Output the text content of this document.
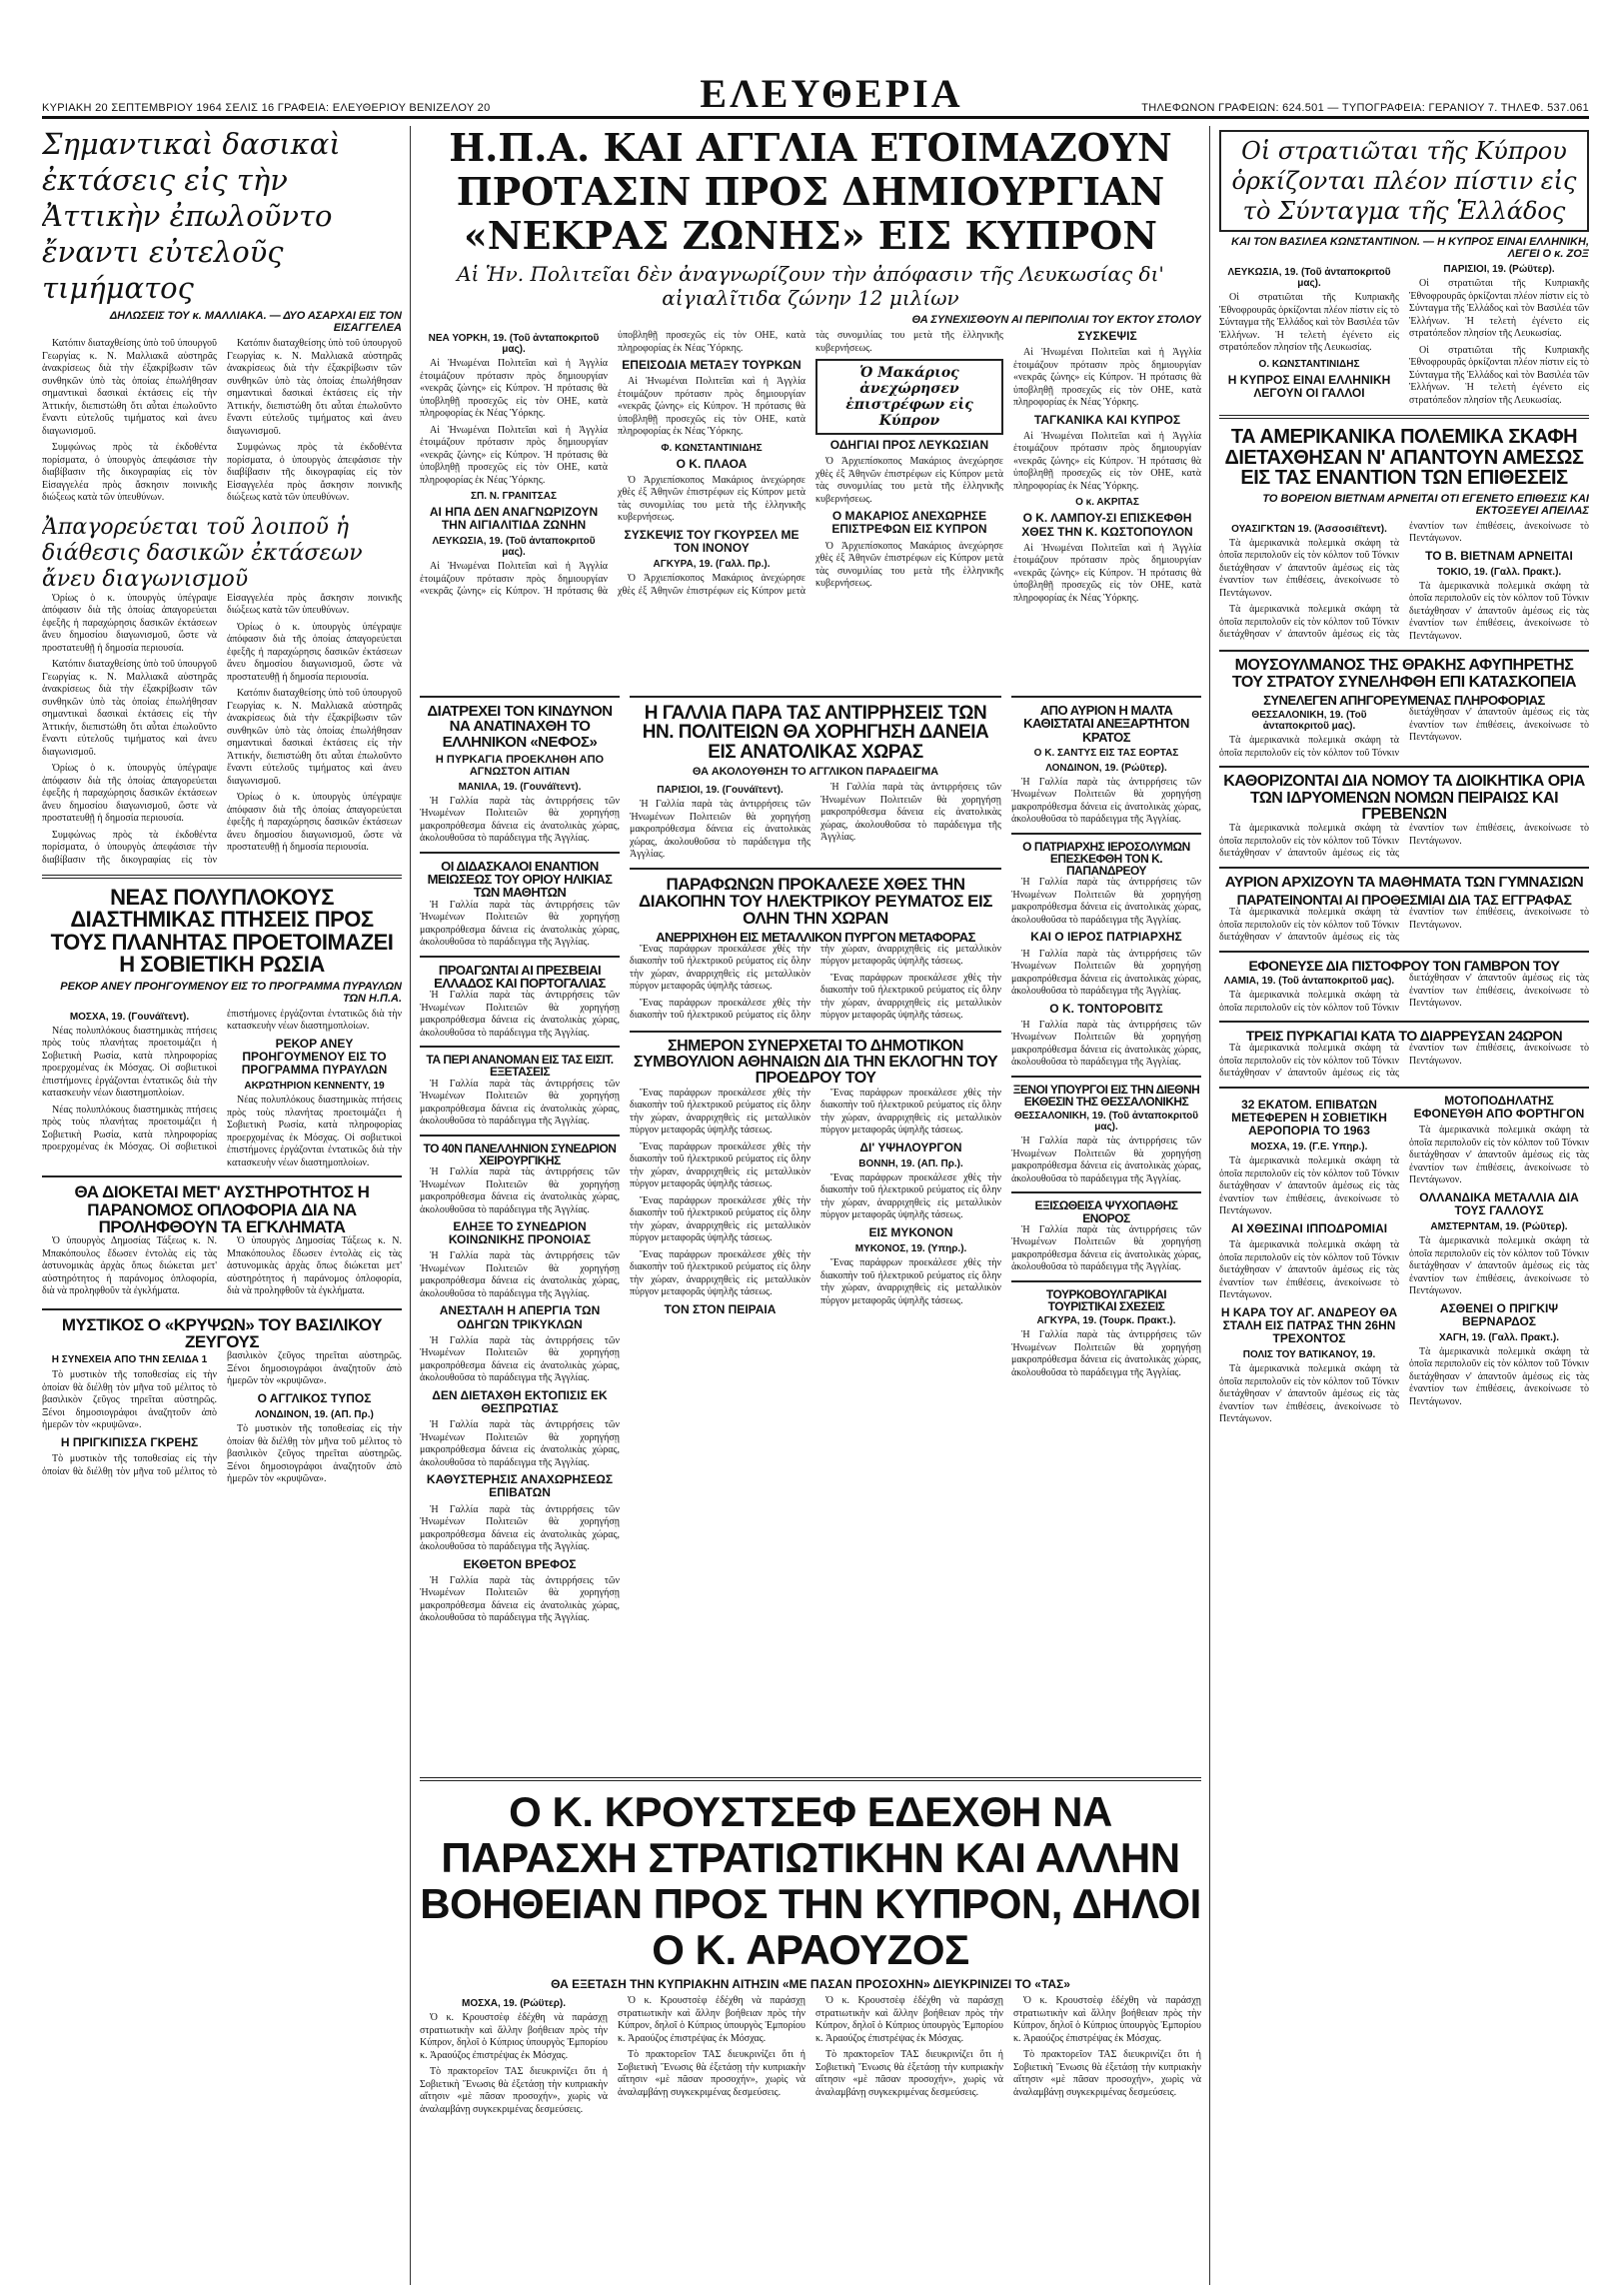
ΚΥΡΙΑΚΗ 20 ΣΕΠΤΕΜΒΡΙΟΥ 1964 ΣΕΛΙΣ 16 ΓΡΑΦΕΙΑ: ΕΛΕΥΘΕΡΙΟΥ ΒΕΝΙΖΕΛΟΥ 20	ΕΛΕΥΘΕΡΙΑ	ΤΗΛΕΦΩΝΟΝ ΓΡΑΦΕΙΩΝ: 624.501 — ΤΥΠΟΓΡΑΦΕΙΑ: ΓΕΡΑΝΙΟΥ 7. ΤΗΛΕΦ. 537.061
Σημαντικαὶ δασικαὶ ἐκτάσεις εἰς τὴν Ἀττικὴν ἐπωλοῦντο ἔναντι εὐτελοῦς τιμήματος
ΔΗΛΩΣΕΙΣ ΤΟΥ κ. ΜΑΛΛΙΑΚΑ. — ΔΥΟ ΑΣΑΡΧΑΙ ΕΙΣ ΤΟΝ ΕΙΣΑΓΓΕΛΕΑ

Κατόπιν διαταχθείσης ὑπὸ τοῦ ὑπουργοῦ Γεωργίας κ. Ν. Μαλλιακᾶ αὐστηρᾶς ἀνακρίσεως διὰ τὴν ἐξακρίβωσιν τῶν συνθηκῶν ὑπὸ τὰς ὁποίας ἐπωλήθησαν σημαντικαὶ δασικαὶ ἐκτάσεις εἰς τὴν Ἀττικήν, διεπιστώθη ὅτι αὗται ἐπωλοῦντο ἔναντι εὐτελοῦς τιμήματος καὶ ἀνευ διαγωνισμοῦ.

Συμφώνως πρὸς τὰ ἐκδοθέντα πορίσματα, ὁ ὑπουργὸς ἀπεφάσισε τὴν διαβίβασιν τῆς δικογραφίας εἰς τὸν Εἰσαγγελέα πρὸς ἄσκησιν ποινικῆς διώξεως κατὰ τῶν ὑπευθύνων.

Κατόπιν διαταχθείσης ὑπὸ τοῦ ὑπουργοῦ Γεωργίας κ. Ν. Μαλλιακᾶ αὐστηρᾶς ἀνακρίσεως διὰ τὴν ἐξακρίβωσιν τῶν συνθηκῶν ὑπὸ τὰς ὁποίας ἐπωλήθησαν σημαντικαὶ δασικαὶ ἐκτάσεις εἰς τὴν Ἀττικήν, διεπιστώθη ὅτι αὗται ἐπωλοῦντο ἔναντι εὐτελοῦς τιμήματος καὶ ἀνευ διαγωνισμοῦ.

Συμφώνως πρὸς τὰ ἐκδοθέντα πορίσματα, ὁ ὑπουργὸς ἀπεφάσισε τὴν διαβίβασιν τῆς δικογραφίας εἰς τὸν Εἰσαγγελέα πρὸς ἄσκησιν ποινικῆς διώξεως κατὰ τῶν ὑπευθύνων.

Ἀπαγορεύεται τοῦ λοιποῦ ἡ διάθεσις δασικῶν ἐκτάσεων ἄνευ διαγωνισμοῦ

Ὁρίως ὁ κ. ὑπουργὸς ὑπέγραψε ἀπόφασιν διὰ τῆς ὁποίας ἀπαγορεύεται ἐφεξῆς ἡ παραχώρησις δασικῶν ἐκτάσεων ἄνευ δημοσίου διαγωνισμοῦ, ὥστε νὰ προστατευθῇ ἡ δημοσία περιουσία.

Κατόπιν διαταχθείσης ὑπὸ τοῦ ὑπουργοῦ Γεωργίας κ. Ν. Μαλλιακᾶ αὐστηρᾶς ἀνακρίσεως διὰ τὴν ἐξακρίβωσιν τῶν συνθηκῶν ὑπὸ τὰς ὁποίας ἐπωλήθησαν σημαντικαὶ δασικαὶ ἐκτάσεις εἰς τὴν Ἀττικήν, διεπιστώθη ὅτι αὗται ἐπωλοῦντο ἔναντι εὐτελοῦς τιμήματος καὶ ἀνευ διαγωνισμοῦ.

Ὁρίως ὁ κ. ὑπουργὸς ὑπέγραψε ἀπόφασιν διὰ τῆς ὁποίας ἀπαγορεύεται ἐφεξῆς ἡ παραχώρησις δασικῶν ἐκτάσεων ἄνευ δημοσίου διαγωνισμοῦ, ὥστε νὰ προστατευθῇ ἡ δημοσία περιουσία.

Συμφώνως πρὸς τὰ ἐκδοθέντα πορίσματα, ὁ ὑπουργὸς ἀπεφάσισε τὴν διαβίβασιν τῆς δικογραφίας εἰς τὸν Εἰσαγγελέα πρὸς ἄσκησιν ποινικῆς διώξεως κατὰ τῶν ὑπευθύνων.

Ὁρίως ὁ κ. ὑπουργὸς ὑπέγραψε ἀπόφασιν διὰ τῆς ὁποίας ἀπαγορεύεται ἐφεξῆς ἡ παραχώρησις δασικῶν ἐκτάσεων ἄνευ δημοσίου διαγωνισμοῦ, ὥστε νὰ προστατευθῇ ἡ δημοσία περιουσία.

Κατόπιν διαταχθείσης ὑπὸ τοῦ ὑπουργοῦ Γεωργίας κ. Ν. Μαλλιακᾶ αὐστηρᾶς ἀνακρίσεως διὰ τὴν ἐξακρίβωσιν τῶν συνθηκῶν ὑπὸ τὰς ὁποίας ἐπωλήθησαν σημαντικαὶ δασικαὶ ἐκτάσεις εἰς τὴν Ἀττικήν, διεπιστώθη ὅτι αὗται ἐπωλοῦντο ἔναντι εὐτελοῦς τιμήματος καὶ ἀνευ διαγωνισμοῦ.

Ὁρίως ὁ κ. ὑπουργὸς ὑπέγραψε ἀπόφασιν διὰ τῆς ὁποίας ἀπαγορεύεται ἐφεξῆς ἡ παραχώρησις δασικῶν ἐκτάσεων ἄνευ δημοσίου διαγωνισμοῦ, ὥστε νὰ προστατευθῇ ἡ δημοσία περιουσία.

ΝΕΑΣ ΠΟΛΥΠΛΟΚΟΥΣ ΔΙΑΣΤΗΜΙΚΑΣ ΠΤΗΣΕΙΣ ΠΡΟΣ ΤΟΥΣ ΠΛΑΝΗΤΑΣ ΠΡΟΕΤΟΙΜΑΖΕΙ Η ΣΟΒΙΕΤΙΚΗ ΡΩΣΙΑ
ΡΕΚΟΡ ΑΝΕΥ ΠΡΟΗΓΟΥΜΕΝΟΥ ΕΙΣ ΤΟ ΠΡΟΓΡΑΜΜΑ ΠΥΡΑΥΛΩΝ ΤΩΝ Η.Π.Α.
ΜΟΣΧΑ, 19. (Γουνάϊτεντ).

Νέας πολυπλόκους διαστημικὰς πτήσεις πρὸς τοὺς πλανήτας προετοιμάζει ἡ Σοβιετικὴ Ρωσία, κατὰ πληροφορίας προερχομένας ἐκ Μόσχας. Οἱ σοβιετικοὶ ἐπιστήμονες ἐργάζονται ἐντατικῶς διὰ τὴν κατασκευὴν νέων διαστημοπλοίων.

Νέας πολυπλόκους διαστημικὰς πτήσεις πρὸς τοὺς πλανήτας προετοιμάζει ἡ Σοβιετικὴ Ρωσία, κατὰ πληροφορίας προερχομένας ἐκ Μόσχας. Οἱ σοβιετικοὶ ἐπιστήμονες ἐργάζονται ἐντατικῶς διὰ τὴν κατασκευὴν νέων διαστημοπλοίων.

ΡΕΚΟΡ ΑΝΕΥ ΠΡΟΗΓΟΥΜΕΝΟΥ ΕΙΣ ΤΟ ΠΡΟΓΡΑΜΜΑ ΠΥΡΑΥΛΩΝ
ΑΚΡΩΤΗΡΙΟΝ ΚΕΝΝΕΝΤΥ, 19

Νέας πολυπλόκους διαστημικὰς πτήσεις πρὸς τοὺς πλανήτας προετοιμάζει ἡ Σοβιετικὴ Ρωσία, κατὰ πληροφορίας προερχομένας ἐκ Μόσχας. Οἱ σοβιετικοὶ ἐπιστήμονες ἐργάζονται ἐντατικῶς διὰ τὴν κατασκευὴν νέων διαστημοπλοίων.

ΘΑ ΔΙΟΚΕΤΑΙ ΜΕΤ' ΑΥΣΤΗΡΟΤΗΤΟΣ Η ΠΑΡΑΝΟΜΟΣ ΟΠΛΟΦΟΡΙΑ ΔΙΑ ΝΑ ΠΡΟΛΗΦΘΟΥΝ ΤΑ ΕΓΚΛΗΜΑΤΑ

Ὁ ὑπουργὸς Δημοσίας Τάξεως κ. Ν. Μπακόπουλος ἔδωσεν ἐντολὰς εἰς τὰς ἀστυνομικὰς ἀρχὰς ὅπως διώκεται μετ' αὐστηρότητος ἡ παράνομος ὀπλοφορία, διὰ νὰ προληφθοῦν τὰ ἐγκλήματα.

Ὁ ὑπουργὸς Δημοσίας Τάξεως κ. Ν. Μπακόπουλος ἔδωσεν ἐντολὰς εἰς τὰς ἀστυνομικὰς ἀρχὰς ὅπως διώκεται μετ' αὐστηρότητος ἡ παράνομος ὀπλοφορία, διὰ νὰ προληφθοῦν τὰ ἐγκλήματα.

ΜΥΣΤΙΚΟΣ Ο «ΚΡΥΨΩΝ» ΤΟΥ ΒΑΣΙΛΙΚΟΥ ΖΕΥΓΟΥΣ
Η ΣΥΝΕΧΕΙΑ ΑΠΟ ΤΗΝ ΣΕΛΙΔΑ 1

Τὸ μυστικὸν τῆς τοποθεσίας εἰς τὴν ὁποίαν θὰ διέλθῃ τὸν μῆνα τοῦ μέλιτος τὸ βασιλικὸν ζεῦγος τηρεῖται αὐστηρῶς. Ξένοι δημοσιογράφοι ἀναζητοῦν ἀπὸ ἡμερῶν τὸν «κρυψῶνα».

Η ΠΡΙΓΚΙΠΙΣΣΑ ΓΚΡΕΗΣ

Τὸ μυστικὸν τῆς τοποθεσίας εἰς τὴν ὁποίαν θὰ διέλθῃ τὸν μῆνα τοῦ μέλιτος τὸ βασιλικὸν ζεῦγος τηρεῖται αὐστηρῶς. Ξένοι δημοσιογράφοι ἀναζητοῦν ἀπὸ ἡμερῶν τὸν «κρυψῶνα».

Ο ΑΓΓΛΙΚΟΣ ΤΥΠΟΣ
ΛΟΝΔΙΝΟΝ, 19. (ΑΠ. Πρ.)

Τὸ μυστικὸν τῆς τοποθεσίας εἰς τὴν ὁποίαν θὰ διέλθῃ τὸν μῆνα τοῦ μέλιτος τὸ βασιλικὸν ζεῦγος τηρεῖται αὐστηρῶς. Ξένοι δημοσιογράφοι ἀναζητοῦν ἀπὸ ἡμερῶν τὸν «κρυψῶνα».

Η.Π.Α. ΚΑΙ ΑΓΓΛΙΑ ΕΤΟΙΜΑΖΟΥΝ ΠΡΟΤΑΣΙΝ ΠΡΟΣ ΔΗΜΙΟΥΡΓΙΑΝ «ΝΕΚΡΑΣ ΖΩΝΗΣ» ΕΙΣ ΚΥΠΡΟΝ
Αἱ Ἡν. Πολιτεῖαι δὲν ἀναγνωρίζουν τὴν ἀπόφασιν τῆς Λευκωσίας δι' αἰγιαλῖτιδα ζώνην 12 μιλίων
ΘΑ ΣΥΝΕΧΙΣΘΟΥΝ ΑΙ ΠΕΡΙΠΟΛΙΑΙ ΤΟΥ ΕΚΤΟΥ ΣΤΟΛΟΥ
ΝΕΑ ΥΟΡΚΗ, 19. (Τοῦ ἀνταποκριτοῦ μας).

Αἱ Ἡνωμέναι Πολιτεῖαι καὶ ἡ Ἀγγλία ἑτοιμάζουν πρότασιν πρὸς δημιουργίαν «νεκρᾶς ζώνης» εἰς Κύπρον. Ἡ πρότασις θὰ ὑποβληθῇ προσεχῶς εἰς τὸν ΟΗΕ, κατὰ πληροφορίας ἐκ Νέας Ὑόρκης.

Αἱ Ἡνωμέναι Πολιτεῖαι καὶ ἡ Ἀγγλία ἑτοιμάζουν πρότασιν πρὸς δημιουργίαν «νεκρᾶς ζώνης» εἰς Κύπρον. Ἡ πρότασις θὰ ὑποβληθῇ προσεχῶς εἰς τὸν ΟΗΕ, κατὰ πληροφορίας ἐκ Νέας Ὑόρκης.

ΣΠ. Ν. ΓΡΑΝΙΤΣΑΣ
ΑΙ ΗΠΑ ΔΕΝ ΑΝΑΓΝΩΡΙΖΟΥΝ ΤΗΝ ΑΙΓΙΑΛΙΤΙΔΑ ΖΩΝΗΝ
ΛΕΥΚΩΣΙΑ, 19. (Τοῦ ἀνταποκριτοῦ μας).

Αἱ Ἡνωμέναι Πολιτεῖαι καὶ ἡ Ἀγγλία ἑτοιμάζουν πρότασιν πρὸς δημιουργίαν «νεκρᾶς ζώνης» εἰς Κύπρον. Ἡ πρότασις θὰ ὑποβληθῇ προσεχῶς εἰς τὸν ΟΗΕ, κατὰ πληροφορίας ἐκ Νέας Ὑόρκης.

ΕΠΕΙΣΟΔΙΑ ΜΕΤΑΞΥ ΤΟΥΡΚΩΝ

Αἱ Ἡνωμέναι Πολιτεῖαι καὶ ἡ Ἀγγλία ἑτοιμάζουν πρότασιν πρὸς δημιουργίαν «νεκρᾶς ζώνης» εἰς Κύπρον. Ἡ πρότασις θὰ ὑποβληθῇ προσεχῶς εἰς τὸν ΟΗΕ, κατὰ πληροφορίας ἐκ Νέας Ὑόρκης.

Φ. ΚΩΝΣΤΑΝΤΙΝΙΔΗΣ
Ο Κ. ΠΛΑΟΑ

Ὁ Ἀρχιεπίσκοπος Μακάριος ἀνεχώρησε χθὲς ἐξ Ἀθηνῶν ἐπιστρέφων εἰς Κύπρον μετὰ τὰς συνομιλίας του μετὰ τῆς ἑλληνικῆς κυβερνήσεως.

ΣΥΣΚΕΨΙΣ ΤΟΥ ΓΚΟΥΡΣΕΛ ΜΕ ΤΟΝ ΙΝΟΝΟΥ
ΑΓΚΥΡΑ, 19. (Γαλλ. Πρ.).

Ὁ Ἀρχιεπίσκοπος Μακάριος ἀνεχώρησε χθὲς ἐξ Ἀθηνῶν ἐπιστρέφων εἰς Κύπρον μετὰ τὰς συνομιλίας του μετὰ τῆς ἑλληνικῆς κυβερνήσεως.

Ὁ Μακάριος ἀνεχώρησεν ἐπιστρέφων εἰς Κύπρον
ΟΔΗΓΙΑΙ ΠΡΟΣ ΛΕΥΚΩΣΙΑΝ

Ὁ Ἀρχιεπίσκοπος Μακάριος ἀνεχώρησε χθὲς ἐξ Ἀθηνῶν ἐπιστρέφων εἰς Κύπρον μετὰ τὰς συνομιλίας του μετὰ τῆς ἑλληνικῆς κυβερνήσεως.

Ο ΜΑΚΑΡΙΟΣ ΑΝΕΧΩΡΗΣΕ ΕΠΙΣΤΡΕΦΩΝ ΕΙΣ ΚΥΠΡΟΝ

Ὁ Ἀρχιεπίσκοπος Μακάριος ἀνεχώρησε χθὲς ἐξ Ἀθηνῶν ἐπιστρέφων εἰς Κύπρον μετὰ τὰς συνομιλίας του μετὰ τῆς ἑλληνικῆς κυβερνήσεως.

ΣΥΣΚΕΨΙΣ

Αἱ Ἡνωμέναι Πολιτεῖαι καὶ ἡ Ἀγγλία ἑτοιμάζουν πρότασιν πρὸς δημιουργίαν «νεκρᾶς ζώνης» εἰς Κύπρον. Ἡ πρότασις θὰ ὑποβληθῇ προσεχῶς εἰς τὸν ΟΗΕ, κατὰ πληροφορίας ἐκ Νέας Ὑόρκης.

ΤΑΓΚΑΝΙΚΑ ΚΑΙ ΚΥΠΡΟΣ

Αἱ Ἡνωμέναι Πολιτεῖαι καὶ ἡ Ἀγγλία ἑτοιμάζουν πρότασιν πρὸς δημιουργίαν «νεκρᾶς ζώνης» εἰς Κύπρον. Ἡ πρότασις θὰ ὑποβληθῇ προσεχῶς εἰς τὸν ΟΗΕ, κατὰ πληροφορίας ἐκ Νέας Ὑόρκης.

Ο κ. ΑΚΡΙΤΑΣ
Ο Κ. ΛΑΜΠΟΥ-ΣΙ ΕΠΙΣΚΕΦΘΗ ΧΘΕΣ ΤΗΝ Κ. ΚΩΣΤΟΠΟΥΛΟΝ

Αἱ Ἡνωμέναι Πολιτεῖαι καὶ ἡ Ἀγγλία ἑτοιμάζουν πρότασιν πρὸς δημιουργίαν «νεκρᾶς ζώνης» εἰς Κύπρον. Ἡ πρότασις θὰ ὑποβληθῇ προσεχῶς εἰς τὸν ΟΗΕ, κατὰ πληροφορίας ἐκ Νέας Ὑόρκης.

ΔΙΑΤΡΕΧΕΙ ΤΟΝ ΚΙΝΔΥΝΟΝ ΝΑ ΑΝΑΤΙΝΑΧΘΗ ΤΟ ΕΛΛΗΝΙΚΟΝ «ΝΕΦΟΣ»
Η ΠΥΡΚΑΓΙΑ ΠΡΟΕΚΛΗΘΗ ΑΠΟ ΑΓΝΩΣΤΟΝ ΑΙΤΙΑΝ
ΜΑΝΙΛΑ, 19. (Γουνάϊτεντ).

Ἡ Γαλλία παρὰ τὰς ἀντιρρήσεις τῶν Ἡνωμένων Πολιτειῶν θὰ χορηγήσῃ μακροπρόθεσμα δάνεια εἰς ἀνατολικὰς χώρας, ἀκολουθοῦσα τὸ παράδειγμα τῆς Ἀγγλίας.

ΟΙ ΔΙΔΑΣΚΑΛΟΙ ΕΝΑΝΤΙΟΝ ΜΕΙΩΣΕΩΣ ΤΟΥ ΟΡΙΟΥ ΗΛΙΚΙΑΣ ΤΩΝ ΜΑΘΗΤΩΝ

Ἡ Γαλλία παρὰ τὰς ἀντιρρήσεις τῶν Ἡνωμένων Πολιτειῶν θὰ χορηγήσῃ μακροπρόθεσμα δάνεια εἰς ἀνατολικὰς χώρας, ἀκολουθοῦσα τὸ παράδειγμα τῆς Ἀγγλίας.

ΠΡΟΑΓΩΝΤΑΙ ΑΙ ΠΡΕΣΒΕΙΑΙ ΕΛΛΑΔΟΣ ΚΑΙ ΠΟΡΤΟΓΑΛΙΑΣ

Ἡ Γαλλία παρὰ τὰς ἀντιρρήσεις τῶν Ἡνωμένων Πολιτειῶν θὰ χορηγήσῃ μακροπρόθεσμα δάνεια εἰς ἀνατολικὰς χώρας, ἀκολουθοῦσα τὸ παράδειγμα τῆς Ἀγγλίας.

ΤΑ ΠΕΡΙ ΑΝΑΝΟΜΑΝ ΕΙΣ ΤΑΣ ΕΙΣΙΤ. ΕΞΕΤΑΣΕΙΣ

Ἡ Γαλλία παρὰ τὰς ἀντιρρήσεις τῶν Ἡνωμένων Πολιτειῶν θὰ χορηγήσῃ μακροπρόθεσμα δάνεια εἰς ἀνατολικὰς χώρας, ἀκολουθοῦσα τὸ παράδειγμα τῆς Ἀγγλίας.

ΤΟ 40Ν ΠΑΝΕΛΛΗΝΙΟΝ ΣΥΝΕΔΡΙΟΝ ΧΕΙΡΟΥΡΓΙΚΗΣ

Ἡ Γαλλία παρὰ τὰς ἀντιρρήσεις τῶν Ἡνωμένων Πολιτειῶν θὰ χορηγήσῃ μακροπρόθεσμα δάνεια εἰς ἀνατολικὰς χώρας, ἀκολουθοῦσα τὸ παράδειγμα τῆς Ἀγγλίας.

ΕΛΗΞΕ ΤΟ ΣΥΝΕΔΡΙΟΝ ΚΟΙΝΩΝΙΚΗΣ ΠΡΟΝΟΙΑΣ

Ἡ Γαλλία παρὰ τὰς ἀντιρρήσεις τῶν Ἡνωμένων Πολιτειῶν θὰ χορηγήσῃ μακροπρόθεσμα δάνεια εἰς ἀνατολικὰς χώρας, ἀκολουθοῦσα τὸ παράδειγμα τῆς Ἀγγλίας.

ΑΝΕΣΤΑΛΗ Η ΑΠΕΡΓΙΑ ΤΩΝ ΟΔΗΓΩΝ ΤΡΙΚΥΚΛΩΝ

Ἡ Γαλλία παρὰ τὰς ἀντιρρήσεις τῶν Ἡνωμένων Πολιτειῶν θὰ χορηγήσῃ μακροπρόθεσμα δάνεια εἰς ἀνατολικὰς χώρας, ἀκολουθοῦσα τὸ παράδειγμα τῆς Ἀγγλίας.

ΔΕΝ ΔΙΕΤΑΧΘΗ ΕΚΤΟΠΙΣΙΣ ΕΚ ΘΕΣΠΡΩΤΙΑΣ

Ἡ Γαλλία παρὰ τὰς ἀντιρρήσεις τῶν Ἡνωμένων Πολιτειῶν θὰ χορηγήσῃ μακροπρόθεσμα δάνεια εἰς ἀνατολικὰς χώρας, ἀκολουθοῦσα τὸ παράδειγμα τῆς Ἀγγλίας.

ΚΑΘΥΣΤΕΡΗΣΙΣ ΑΝΑΧΩΡΗΣΕΩΣ ΕΠΙΒΑΤΩΝ

Ἡ Γαλλία παρὰ τὰς ἀντιρρήσεις τῶν Ἡνωμένων Πολιτειῶν θὰ χορηγήσῃ μακροπρόθεσμα δάνεια εἰς ἀνατολικὰς χώρας, ἀκολουθοῦσα τὸ παράδειγμα τῆς Ἀγγλίας.

ΕΚΘΕΤΟΝ ΒΡΕΦΟΣ

Ἡ Γαλλία παρὰ τὰς ἀντιρρήσεις τῶν Ἡνωμένων Πολιτειῶν θὰ χορηγήσῃ μακροπρόθεσμα δάνεια εἰς ἀνατολικὰς χώρας, ἀκολουθοῦσα τὸ παράδειγμα τῆς Ἀγγλίας.

Η ΓΑΛΛΙΑ ΠΑΡΑ ΤΑΣ ΑΝΤΙΡΡΗΣΕΙΣ ΤΩΝ ΗΝ. ΠΟΛΙΤΕΙΩΝ ΘΑ ΧΟΡΗΓΗΣΗ ΔΑΝΕΙΑ ΕΙΣ ΑΝΑΤΟΛΙΚΑΣ ΧΩΡΑΣ
ΘΑ ΑΚΟΛΟΥΘΗΣΗ ΤΟ ΑΓΓΛΙΚΟΝ ΠΑΡΑΔΕΙΓΜΑ
ΠΑΡΙΣΙΟΙ, 19. (Γουνάϊτεντ).

Ἡ Γαλλία παρὰ τὰς ἀντιρρήσεις τῶν Ἡνωμένων Πολιτειῶν θὰ χορηγήσῃ μακροπρόθεσμα δάνεια εἰς ἀνατολικὰς χώρας, ἀκολουθοῦσα τὸ παράδειγμα τῆς Ἀγγλίας.

Ἡ Γαλλία παρὰ τὰς ἀντιρρήσεις τῶν Ἡνωμένων Πολιτειῶν θὰ χορηγήσῃ μακροπρόθεσμα δάνεια εἰς ἀνατολικὰς χώρας, ἀκολουθοῦσα τὸ παράδειγμα τῆς Ἀγγλίας.

ΠΑΡΑΦΩΝΩΝ ΠΡΟΚΑΛΕΣΕ ΧΘΕΣ ΤΗΝ ΔΙΑΚΟΠΗΝ ΤΟΥ ΗΛΕΚΤΡΙΚΟΥ ΡΕΥΜΑΤΟΣ ΕΙΣ ΟΛΗΝ ΤΗΝ ΧΩΡΑΝ
ΑΝΕΡΡΙΧΗΘΗ ΕΙΣ ΜΕΤΑΛΛΙΚΟΝ ΠΥΡΓΟΝ ΜΕΤΑΦΟΡΑΣ

Ἕνας παράφρων προεκάλεσε χθὲς τὴν διακοπὴν τοῦ ἠλεκτρικοῦ ρεύματος εἰς ὅλην τὴν χώραν, ἀναρριχηθεὶς εἰς μεταλλικὸν πύργον μεταφορᾶς ὑψηλῆς τάσεως.

Ἕνας παράφρων προεκάλεσε χθὲς τὴν διακοπὴν τοῦ ἠλεκτρικοῦ ρεύματος εἰς ὅλην τὴν χώραν, ἀναρριχηθεὶς εἰς μεταλλικὸν πύργον μεταφορᾶς ὑψηλῆς τάσεως.

Ἕνας παράφρων προεκάλεσε χθὲς τὴν διακοπὴν τοῦ ἠλεκτρικοῦ ρεύματος εἰς ὅλην τὴν χώραν, ἀναρριχηθεὶς εἰς μεταλλικὸν πύργον μεταφορᾶς ὑψηλῆς τάσεως.

ΣΗΜΕΡΟΝ ΣΥΝΕΡΧΕΤΑΙ ΤΟ ΔΗΜΟΤΙΚΟΝ ΣΥΜΒΟΥΛΙΟΝ ΑΘΗΝΑΙΩΝ ΔΙΑ ΤΗΝ ΕΚΛΟΓΗΝ ΤΟΥ ΠΡΟΕΔΡΟΥ ΤΟΥ

Ἕνας παράφρων προεκάλεσε χθὲς τὴν διακοπὴν τοῦ ἠλεκτρικοῦ ρεύματος εἰς ὅλην τὴν χώραν, ἀναρριχηθεὶς εἰς μεταλλικὸν πύργον μεταφορᾶς ὑψηλῆς τάσεως.

Ἕνας παράφρων προεκάλεσε χθὲς τὴν διακοπὴν τοῦ ἠλεκτρικοῦ ρεύματος εἰς ὅλην τὴν χώραν, ἀναρριχηθεὶς εἰς μεταλλικὸν πύργον μεταφορᾶς ὑψηλῆς τάσεως.

Ἕνας παράφρων προεκάλεσε χθὲς τὴν διακοπὴν τοῦ ἠλεκτρικοῦ ρεύματος εἰς ὅλην τὴν χώραν, ἀναρριχηθεὶς εἰς μεταλλικὸν πύργον μεταφορᾶς ὑψηλῆς τάσεως.

Ἕνας παράφρων προεκάλεσε χθὲς τὴν διακοπὴν τοῦ ἠλεκτρικοῦ ρεύματος εἰς ὅλην τὴν χώραν, ἀναρριχηθεὶς εἰς μεταλλικὸν πύργον μεταφορᾶς ὑψηλῆς τάσεως.

ΤΟΝ ΣΤΟΝ ΠΕΙΡΑΙΑ

Ἕνας παράφρων προεκάλεσε χθὲς τὴν διακοπὴν τοῦ ἠλεκτρικοῦ ρεύματος εἰς ὅλην τὴν χώραν, ἀναρριχηθεὶς εἰς μεταλλικὸν πύργον μεταφορᾶς ὑψηλῆς τάσεως.

ΔΙ' ΥΨΗΛΟΥΡΓΟΝ
ΒΟΝΝΗ, 19. (ΑΠ. Πρ.).

Ἕνας παράφρων προεκάλεσε χθὲς τὴν διακοπὴν τοῦ ἠλεκτρικοῦ ρεύματος εἰς ὅλην τὴν χώραν, ἀναρριχηθεὶς εἰς μεταλλικὸν πύργον μεταφορᾶς ὑψηλῆς τάσεως.

ΕΙΣ ΜΥΚΟΝΟΝ
ΜΥΚΟΝΟΣ, 19. (Υπηρ.).

Ἕνας παράφρων προεκάλεσε χθὲς τὴν διακοπὴν τοῦ ἠλεκτρικοῦ ρεύματος εἰς ὅλην τὴν χώραν, ἀναρριχηθεὶς εἰς μεταλλικὸν πύργον μεταφορᾶς ὑψηλῆς τάσεως.

ΑΠΟ ΑΥΡΙΟΝ Η ΜΑΛΤΑ ΚΑΘΙΣΤΑΤΑΙ ΑΝΕΞΑΡΤΗΤΟΝ ΚΡΑΤΟΣ
Ο Κ. ΣΑΝΤΥΣ ΕΙΣ ΤΑΣ ΕΟΡΤΑΣ
ΛΟΝΔΙΝΟΝ, 19. (Ρώϋτερ).

Ἡ Γαλλία παρὰ τὰς ἀντιρρήσεις τῶν Ἡνωμένων Πολιτειῶν θὰ χορηγήσῃ μακροπρόθεσμα δάνεια εἰς ἀνατολικὰς χώρας, ἀκολουθοῦσα τὸ παράδειγμα τῆς Ἀγγλίας.

Ο ΠΑΤΡΙΑΡΧΗΣ ΙΕΡΟΣΟΛΥΜΩΝ ΕΠΕΣΚΕΦΘΗ ΤΟΝ Κ. ΠΑΠΑΝΔΡΕΟΥ

Ἡ Γαλλία παρὰ τὰς ἀντιρρήσεις τῶν Ἡνωμένων Πολιτειῶν θὰ χορηγήσῃ μακροπρόθεσμα δάνεια εἰς ἀνατολικὰς χώρας, ἀκολουθοῦσα τὸ παράδειγμα τῆς Ἀγγλίας.

ΚΑΙ Ο ΙΕΡΟΣ ΠΑΤΡΙΑΡΧΗΣ

Ἡ Γαλλία παρὰ τὰς ἀντιρρήσεις τῶν Ἡνωμένων Πολιτειῶν θὰ χορηγήσῃ μακροπρόθεσμα δάνεια εἰς ἀνατολικὰς χώρας, ἀκολουθοῦσα τὸ παράδειγμα τῆς Ἀγγλίας.

Ο Κ. ΤΟΝΤΟΡΟΒΙΤΣ

Ἡ Γαλλία παρὰ τὰς ἀντιρρήσεις τῶν Ἡνωμένων Πολιτειῶν θὰ χορηγήσῃ μακροπρόθεσμα δάνεια εἰς ἀνατολικὰς χώρας, ἀκολουθοῦσα τὸ παράδειγμα τῆς Ἀγγλίας.

ΞΕΝΟΙ ΥΠΟΥΡΓΟΙ ΕΙΣ ΤΗΝ ΔΙΕΘΝΗ ΕΚΘΕΣΙΝ ΤΗΣ ΘΕΣΣΑΛΟΝΙΚΗΣ
ΘΕΣΣΑΛΟΝΙΚΗ, 19. (Τοῦ ἀνταποκριτοῦ μας).

Ἡ Γαλλία παρὰ τὰς ἀντιρρήσεις τῶν Ἡνωμένων Πολιτειῶν θὰ χορηγήσῃ μακροπρόθεσμα δάνεια εἰς ἀνατολικὰς χώρας, ἀκολουθοῦσα τὸ παράδειγμα τῆς Ἀγγλίας.

ΕΞΙΣΩΘΕΙΣΑ ΨΥΧΟΠΑΘΗΣ ΕΝΟΡΟΣ

Ἡ Γαλλία παρὰ τὰς ἀντιρρήσεις τῶν Ἡνωμένων Πολιτειῶν θὰ χορηγήσῃ μακροπρόθεσμα δάνεια εἰς ἀνατολικὰς χώρας, ἀκολουθοῦσα τὸ παράδειγμα τῆς Ἀγγλίας.

ΤΟΥΡΚΟΒΟΥΛΓΑΡΙΚΑΙ ΤΟΥΡΙΣΤΙΚΑΙ ΣΧΕΣΕΙΣ
ΑΓΚΥΡΑ, 19. (Τουρκ. Πρακτ.).

Ἡ Γαλλία παρὰ τὰς ἀντιρρήσεις τῶν Ἡνωμένων Πολιτειῶν θὰ χορηγήσῃ μακροπρόθεσμα δάνεια εἰς ἀνατολικὰς χώρας, ἀκολουθοῦσα τὸ παράδειγμα τῆς Ἀγγλίας.

Ο Κ. ΚΡΟΥΣΤΣΕΦ ΕΔΕΧΘΗ ΝΑ ΠΑΡΑΣΧΗ ΣΤΡΑΤΙΩΤΙΚΗΝ ΚΑΙ ΑΛΛΗΝ ΒΟΗΘΕΙΑΝ ΠΡΟΣ ΤΗΝ ΚΥΠΡΟΝ, ΔΗΛΟΙ Ο Κ. ΑΡΑΟΥΖΟΣ
ΘΑ ΕΞΕΤΑΣΗ ΤΗΝ ΚΥΠΡΙΑΚΗΝ ΑΙΤΗΣΙΝ «ΜΕ ΠΑΣΑΝ ΠΡΟΣΟΧΗΝ» ΔΙΕΥΚΡΙΝΙΖΕΙ ΤΟ «ΤΑΣ»
ΜΟΣΧΑ, 19. (Ρώϋτερ).

Ὁ κ. Κρουστσὲφ ἐδέχθη νὰ παράσχῃ στρατιωτικὴν καὶ ἄλλην βοήθειαν πρὸς τὴν Κύπρον, δηλοῖ ὁ Κύπριος ὑπουργὸς Ἐμπορίου κ. Ἀραούζος ἐπιστρέψας ἐκ Μόσχας.

Τὸ πρακτορεῖον ΤΑΣ διευκρινίζει ὅτι ἡ Σοβιετικὴ Ἕνωσις θὰ ἐξετάσῃ τὴν κυπριακὴν αἴτησιν «μὲ πᾶσαν προσοχήν», χωρὶς νὰ ἀναλαμβάνῃ συγκεκριμένας δεσμεύσεις.

Ὁ κ. Κρουστσὲφ ἐδέχθη νὰ παράσχῃ στρατιωτικὴν καὶ ἄλλην βοήθειαν πρὸς τὴν Κύπρον, δηλοῖ ὁ Κύπριος ὑπουργὸς Ἐμπορίου κ. Ἀραούζος ἐπιστρέψας ἐκ Μόσχας.

Τὸ πρακτορεῖον ΤΑΣ διευκρινίζει ὅτι ἡ Σοβιετικὴ Ἕνωσις θὰ ἐξετάσῃ τὴν κυπριακὴν αἴτησιν «μὲ πᾶσαν προσοχήν», χωρὶς νὰ ἀναλαμβάνῃ συγκεκριμένας δεσμεύσεις.

Ὁ κ. Κρουστσὲφ ἐδέχθη νὰ παράσχῃ στρατιωτικὴν καὶ ἄλλην βοήθειαν πρὸς τὴν Κύπρον, δηλοῖ ὁ Κύπριος ὑπουργὸς Ἐμπορίου κ. Ἀραούζος ἐπιστρέψας ἐκ Μόσχας.

Τὸ πρακτορεῖον ΤΑΣ διευκρινίζει ὅτι ἡ Σοβιετικὴ Ἕνωσις θὰ ἐξετάσῃ τὴν κυπριακὴν αἴτησιν «μὲ πᾶσαν προσοχήν», χωρὶς νὰ ἀναλαμβάνῃ συγκεκριμένας δεσμεύσεις.

Ὁ κ. Κρουστσὲφ ἐδέχθη νὰ παράσχῃ στρατιωτικὴν καὶ ἄλλην βοήθειαν πρὸς τὴν Κύπρον, δηλοῖ ὁ Κύπριος ὑπουργὸς Ἐμπορίου κ. Ἀραούζος ἐπιστρέψας ἐκ Μόσχας.

Τὸ πρακτορεῖον ΤΑΣ διευκρινίζει ὅτι ἡ Σοβιετικὴ Ἕνωσις θὰ ἐξετάσῃ τὴν κυπριακὴν αἴτησιν «μὲ πᾶσαν προσοχήν», χωρὶς νὰ ἀναλαμβάνῃ συγκεκριμένας δεσμεύσεις.

Οἱ στρατιῶται τῆς Κύπρου ὁρκίζονται πλέον πίστιν εἰς τὸ Σύνταγμα τῆς Ἑλλάδος
ΚΑΙ ΤΟΝ ΒΑΣΙΛΕΑ ΚΩΝΣΤΑΝΤΙΝΟΝ. — Η ΚΥΠΡΟΣ ΕΙΝΑΙ ΕΛΛΗΝΙΚΗ, ΛΕΓΕΙ Ο κ. ΖΟΞ
ΛΕΥΚΩΣΙΑ, 19. (Τοῦ ἀνταποκριτοῦ μας).

Οἱ στρατιῶται τῆς Κυπριακῆς Ἐθνοφρουρᾶς ὁρκίζονται πλέον πίστιν εἰς τὸ Σύνταγμα τῆς Ἑλλάδος καὶ τὸν Βασιλέα τῶν Ἑλλήνων. Ἡ τελετὴ ἐγένετο εἰς στρατόπεδον πλησίον τῆς Λευκωσίας.

Ο. ΚΩΝΣΤΑΝΤΙΝΙΔΗΣ
Η ΚΥΠΡΟΣ ΕΙΝΑΙ ΕΛΛΗΝΙΚΗ ΛΕΓΟΥΝ ΟΙ ΓΑΛΛΟΙ
ΠΑΡΙΣΙΟΙ, 19. (Ρώϋτερ).

Οἱ στρατιῶται τῆς Κυπριακῆς Ἐθνοφρουρᾶς ὁρκίζονται πλέον πίστιν εἰς τὸ Σύνταγμα τῆς Ἑλλάδος καὶ τὸν Βασιλέα τῶν Ἑλλήνων. Ἡ τελετὴ ἐγένετο εἰς στρατόπεδον πλησίον τῆς Λευκωσίας.

Οἱ στρατιῶται τῆς Κυπριακῆς Ἐθνοφρουρᾶς ὁρκίζονται πλέον πίστιν εἰς τὸ Σύνταγμα τῆς Ἑλλάδος καὶ τὸν Βασιλέα τῶν Ἑλλήνων. Ἡ τελετὴ ἐγένετο εἰς στρατόπεδον πλησίον τῆς Λευκωσίας.

ΤΑ ΑΜΕΡΙΚΑΝΙΚΑ ΠΟΛΕΜΙΚΑ ΣΚΑΦΗ ΔΙΕΤΑΧΘΗΣΑΝ Ν' ΑΠΑΝΤΟΥΝ ΑΜΕΣΩΣ ΕΙΣ ΤΑΣ ΕΝΑΝΤΙΟΝ ΤΩΝ ΕΠΙΘΕΣΕΙΣ
ΤΟ ΒΟΡΕΙΟΝ ΒΙΕΤΝΑΜ ΑΡΝΕΙΤΑΙ ΟΤΙ ΕΓΕΝΕΤΟ ΕΠΙΘΕΣΙΣ ΚΑΙ ΕΚΤΟΞΕΥΕΙ ΑΠΕΙΛΑΣ
ΟΥΑΣΙΓΚΤΩΝ 19. (Ἀσσοσιέϊτεντ).

Τὰ ἀμερικανικὰ πολεμικὰ σκάφη τὰ ὁποῖα περιπολοῦν εἰς τὸν κόλπον τοῦ Τόνκιν διετάχθησαν ν' ἀπαντοῦν ἀμέσως εἰς τὰς ἐναντίον των ἐπιθέσεις, ἀνεκοίνωσε τὸ Πεντάγωνον.

Τὰ ἀμερικανικὰ πολεμικὰ σκάφη τὰ ὁποῖα περιπολοῦν εἰς τὸν κόλπον τοῦ Τόνκιν διετάχθησαν ν' ἀπαντοῦν ἀμέσως εἰς τὰς ἐναντίον των ἐπιθέσεις, ἀνεκοίνωσε τὸ Πεντάγωνον.

ΤΟ Β. ΒΙΕΤΝΑΜ ΑΡΝΕΙΤΑΙ
ΤΟΚΙΟ, 19. (Γαλλ. Πρακτ.).

Τὰ ἀμερικανικὰ πολεμικὰ σκάφη τὰ ὁποῖα περιπολοῦν εἰς τὸν κόλπον τοῦ Τόνκιν διετάχθησαν ν' ἀπαντοῦν ἀμέσως εἰς τὰς ἐναντίον των ἐπιθέσεις, ἀνεκοίνωσε τὸ Πεντάγωνον.

ΜΟΥΣΟΥΛΜΑΝΟΣ ΤΗΣ ΘΡΑΚΗΣ ΑΦΥΠΗΡΕΤΗΣ ΤΟΥ ΣΤΡΑΤΟΥ ΣΥΝΕΛΗΦΘΗ ΕΠΙ ΚΑΤΑΣΚΟΠΕΙΑ
ΣΥΝΕΛΕΓΕΝ ΑΠΗΓΟΡΕΥΜΕΝΑΣ ΠΛΗΡΟΦΟΡΙΑΣ
ΘΕΣΣΑΛΟΝΙΚΗ, 19. (Τοῦ ἀνταποκριτοῦ μας).

Τὰ ἀμερικανικὰ πολεμικὰ σκάφη τὰ ὁποῖα περιπολοῦν εἰς τὸν κόλπον τοῦ Τόνκιν διετάχθησαν ν' ἀπαντοῦν ἀμέσως εἰς τὰς ἐναντίον των ἐπιθέσεις, ἀνεκοίνωσε τὸ Πεντάγωνον.

ΚΑΘΟΡΙΖΟΝΤΑΙ ΔΙΑ ΝΟΜΟΥ ΤΑ ΔΙΟΙΚΗΤΙΚΑ ΟΡΙΑ ΤΩΝ ΙΔΡΥΟΜΕΝΩΝ ΝΟΜΩΝ ΠΕΙΡΑΙΩΣ ΚΑΙ ΓΡΕΒΕΝΩΝ

Τὰ ἀμερικανικὰ πολεμικὰ σκάφη τὰ ὁποῖα περιπολοῦν εἰς τὸν κόλπον τοῦ Τόνκιν διετάχθησαν ν' ἀπαντοῦν ἀμέσως εἰς τὰς ἐναντίον των ἐπιθέσεις, ἀνεκοίνωσε τὸ Πεντάγωνον.

ΑΥΡΙΟΝ ΑΡΧΙΖΟΥΝ ΤΑ ΜΑΘΗΜΑΤΑ ΤΩΝ ΓΥΜΝΑΣΙΩΝ
ΠΑΡΑΤΕΙΝΟΝΤΑΙ ΑΙ ΠΡΟΘΕΣΜΙΑΙ ΔΙΑ ΤΑΣ ΕΓΓΡΑΦΑΣ

Τὰ ἀμερικανικὰ πολεμικὰ σκάφη τὰ ὁποῖα περιπολοῦν εἰς τὸν κόλπον τοῦ Τόνκιν διετάχθησαν ν' ἀπαντοῦν ἀμέσως εἰς τὰς ἐναντίον των ἐπιθέσεις, ἀνεκοίνωσε τὸ Πεντάγωνον.

ΕΦΟΝΕΥΣΕ ΔΙΑ ΠΙΣΤΟΦΡΟΥ ΤΟΝ ΓΑΜΒΡΟΝ ΤΟΥ
ΛΑΜΙΑ, 19. (Τοῦ ἀνταποκριτοῦ μας).

Τὰ ἀμερικανικὰ πολεμικὰ σκάφη τὰ ὁποῖα περιπολοῦν εἰς τὸν κόλπον τοῦ Τόνκιν διετάχθησαν ν' ἀπαντοῦν ἀμέσως εἰς τὰς ἐναντίον των ἐπιθέσεις, ἀνεκοίνωσε τὸ Πεντάγωνον.

ΤΡΕΙΣ ΠΥΡΚΑΓΙΑΙ ΚΑΤΑ ΤΟ ΔΙΑΡΡΕΥΣΑΝ 24ΩΡΟΝ

Τὰ ἀμερικανικὰ πολεμικὰ σκάφη τὰ ὁποῖα περιπολοῦν εἰς τὸν κόλπον τοῦ Τόνκιν διετάχθησαν ν' ἀπαντοῦν ἀμέσως εἰς τὰς ἐναντίον των ἐπιθέσεις, ἀνεκοίνωσε τὸ Πεντάγωνον.

32 ΕΚΑΤΟΜ. ΕΠΙΒΑΤΩΝ ΜΕΤΕΦΕΡΕΝ Η ΣΟΒΙΕΤΙΚΗ ΑΕΡΟΠΟΡΙΑ ΤΟ 1963
ΜΟΣΧΑ, 19. (Γ.Ε. Υπηρ.).

Τὰ ἀμερικανικὰ πολεμικὰ σκάφη τὰ ὁποῖα περιπολοῦν εἰς τὸν κόλπον τοῦ Τόνκιν διετάχθησαν ν' ἀπαντοῦν ἀμέσως εἰς τὰς ἐναντίον των ἐπιθέσεις, ἀνεκοίνωσε τὸ Πεντάγωνον.

ΑΙ ΧΘΕΣΙΝΑΙ ΙΠΠΟΔΡΟΜΙΑΙ

Τὰ ἀμερικανικὰ πολεμικὰ σκάφη τὰ ὁποῖα περιπολοῦν εἰς τὸν κόλπον τοῦ Τόνκιν διετάχθησαν ν' ἀπαντοῦν ἀμέσως εἰς τὰς ἐναντίον των ἐπιθέσεις, ἀνεκοίνωσε τὸ Πεντάγωνον.

Η ΚΑΡΑ ΤΟΥ ΑΓ. ΑΝΔΡΕΟΥ ΘΑ ΣΤΑΛΗ ΕΙΣ ΠΑΤΡΑΣ ΤΗΝ 26ΗΝ ΤΡΕΧΟΝΤΟΣ
ΠΟΛΙΣ ΤΟΥ ΒΑΤΙΚΑΝΟΥ, 19.

Τὰ ἀμερικανικὰ πολεμικὰ σκάφη τὰ ὁποῖα περιπολοῦν εἰς τὸν κόλπον τοῦ Τόνκιν διετάχθησαν ν' ἀπαντοῦν ἀμέσως εἰς τὰς ἐναντίον των ἐπιθέσεις, ἀνεκοίνωσε τὸ Πεντάγωνον.

ΜΟΤΟΠΟΔΗΛΑΤΗΣ ΕΦΟΝΕΥΘΗ ΑΠΟ ΦΟΡΤΗΓΟΝ

Τὰ ἀμερικανικὰ πολεμικὰ σκάφη τὰ ὁποῖα περιπολοῦν εἰς τὸν κόλπον τοῦ Τόνκιν διετάχθησαν ν' ἀπαντοῦν ἀμέσως εἰς τὰς ἐναντίον των ἐπιθέσεις, ἀνεκοίνωσε τὸ Πεντάγωνον.

ΟΛΛΑΝΔΙΚΑ ΜΕΤΑΛΛΙΑ ΔΙΑ ΤΟΥΣ ΓΑΛΛΟΥΣ
ΑΜΣΤΕΡΝΤΑΜ, 19. (Ρώϋτερ).

Τὰ ἀμερικανικὰ πολεμικὰ σκάφη τὰ ὁποῖα περιπολοῦν εἰς τὸν κόλπον τοῦ Τόνκιν διετάχθησαν ν' ἀπαντοῦν ἀμέσως εἰς τὰς ἐναντίον των ἐπιθέσεις, ἀνεκοίνωσε τὸ Πεντάγωνον.

ΑΣΘΕΝΕΙ Ο ΠΡΙΓΚΙΨ ΒΕΡΝΑΡΔΟΣ
ΧΑΓΗ, 19. (Γαλλ. Πρακτ.).

Τὰ ἀμερικανικὰ πολεμικὰ σκάφη τὰ ὁποῖα περιπολοῦν εἰς τὸν κόλπον τοῦ Τόνκιν διετάχθησαν ν' ἀπαντοῦν ἀμέσως εἰς τὰς ἐναντίον των ἐπιθέσεις, ἀνεκοίνωσε τὸ Πεντάγωνον.
